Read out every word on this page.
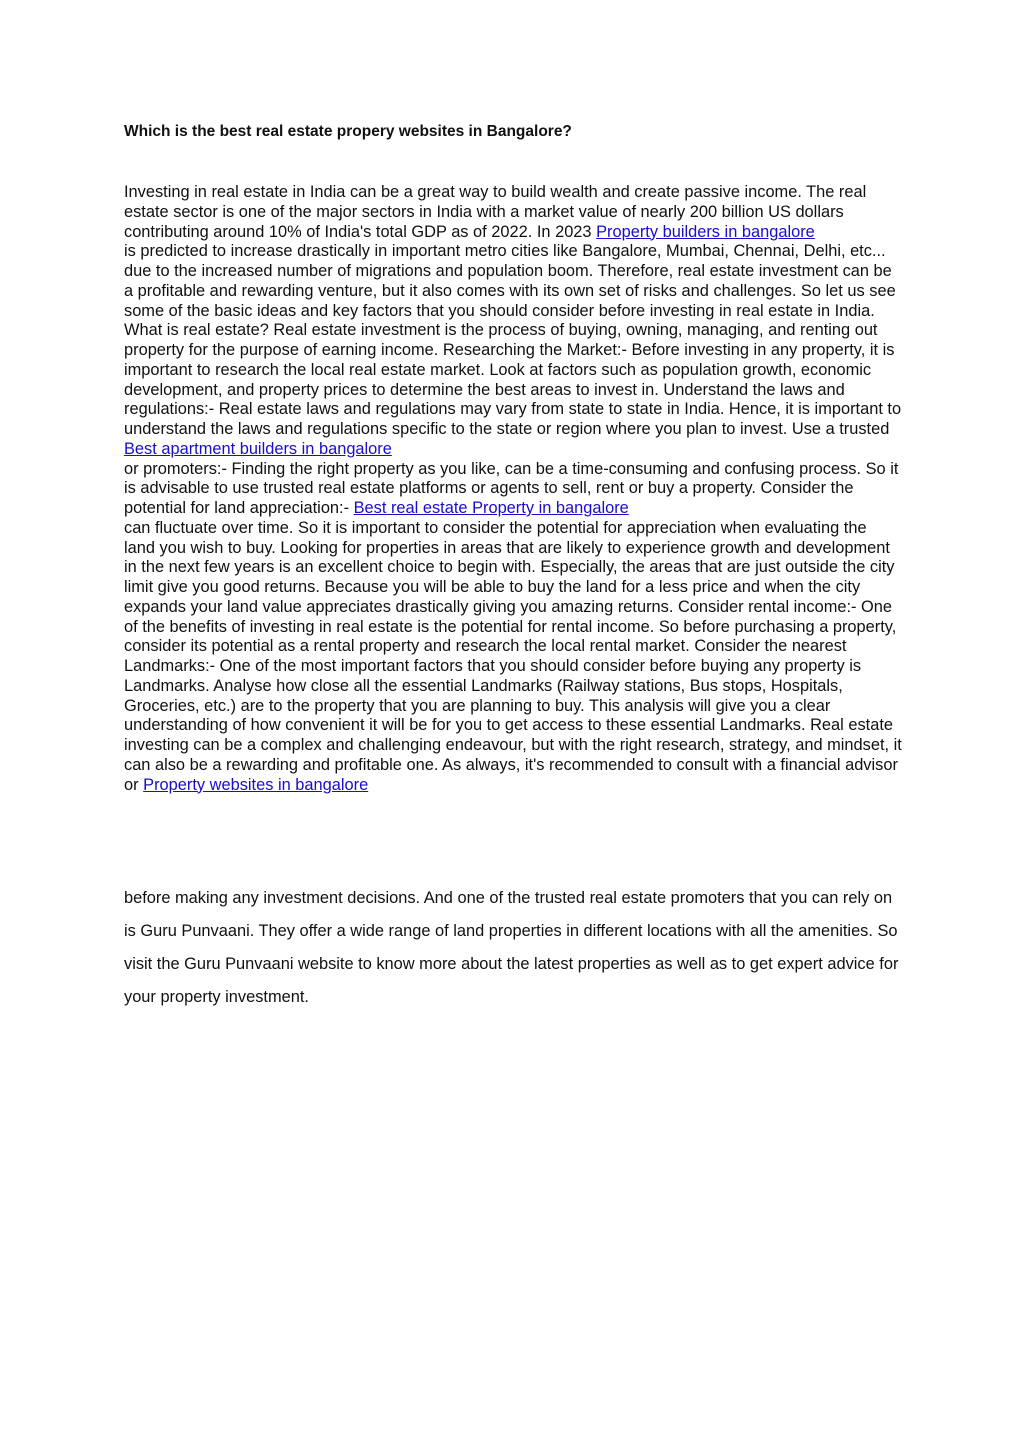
Which is the best real estate propery websites in Bangalore?

Investing in real estate in India can be a great way to build wealth and create passive income. The real estate sector is one of the major sectors in India with a market value of nearly 200 billion US dollars contributing around 10% of India's total GDP as of 2022. In 2023 Property builders in bangalore

is predicted to increase drastically in important metro cities like Bangalore, Mumbai, Chennai, Delhi, etc... due to the increased number of migrations and population boom. Therefore, real estate investment can be a profitable and rewarding venture, but it also comes with its own set of risks and challenges. So let us see some of the basic ideas and key factors that you should consider before investing in real estate in India. What is real estate? Real estate investment is the process of buying, owning, managing, and renting out property for the purpose of earning income. Researching the Market:- Before investing in any property, it is important to research the local real estate market. Look at factors such as population growth, economic development, and property prices to determine the best areas to invest in. Understand the laws and regulations:- Real estate laws and regulations may vary from state to state in India. Hence, it is important to understand the laws and regulations specific to the state or region where you plan to invest. Use a trusted Best apartment builders in bangalore

or promoters:- Finding the right property as you like, can be a time-consuming and confusing process. So it is advisable to use trusted real estate platforms or agents to sell, rent or buy a property. Consider the potential for land appreciation:- Best real estate Property in bangalore

can fluctuate over time. So it is important to consider the potential for appreciation when evaluating the land you wish to buy. Looking for properties in areas that are likely to experience growth and development in the next few years is an excellent choice to begin with. Especially, the areas that are just outside the city limit give you good returns. Because you will be able to buy the land for a less price and when the city expands your land value appreciates drastically giving you amazing returns. Consider rental income:- One of the benefits of investing in real estate is the potential for rental income. So before purchasing a property, consider its potential as a rental property and research the local rental market. Consider the nearest Landmarks:- One of the most important factors that you should consider before buying any property is Landmarks. Analyse how close all the essential Landmarks (Railway stations, Bus stops, Hospitals, Groceries, etc.) are to the property that you are planning to buy. This analysis will give you a clear understanding of how convenient it will be for you to get access to these essential Landmarks. Real estate investing can be a complex and challenging endeavour, but with the right research, strategy, and mindset, it can also be a rewarding and profitable one. As always, it's recommended to consult with a financial advisor or Property websites in bangalore

before making any investment decisions. And one of the trusted real estate promoters that you can rely on is Guru Punvaani. They offer a wide range of land properties in different locations with all the amenities. So visit the Guru Punvaani website to know more about the latest properties as well as to get expert advice for your property investment.
